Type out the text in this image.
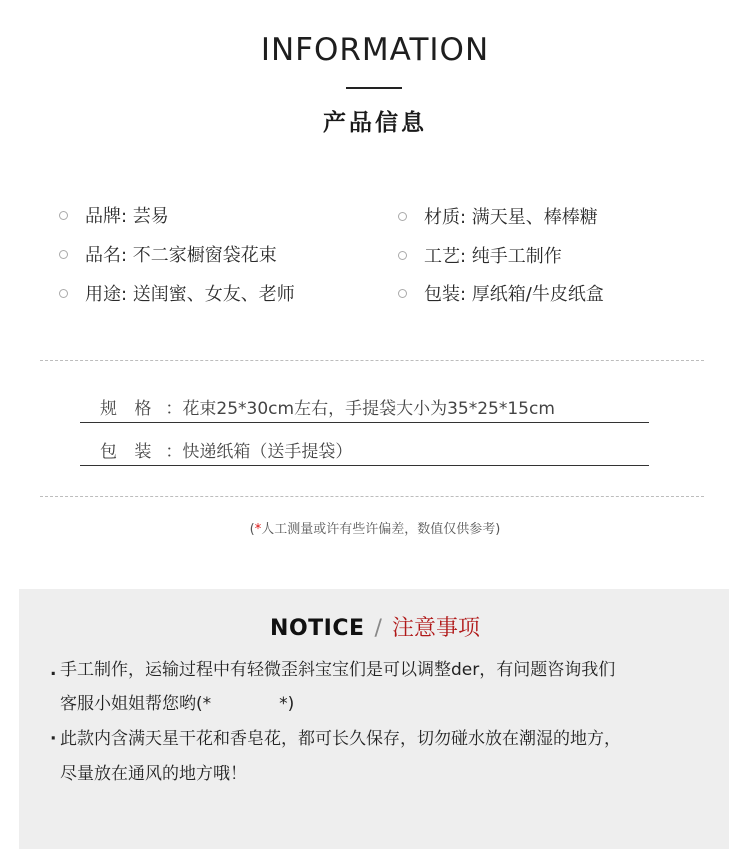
INFORMATION
产品信息
品牌: 芸易
品名: 不二家橱窗袋花束
用途: 送闺蜜、女友、老师
材质: 满天星、棒棒糖
工艺: 纯手工制作
包装: 厚纸箱/牛皮纸盒
规 格 ：花束25*30cm左右，手提袋大小为35*25*15cm
包 装 ：快递纸箱（送手提袋）
(*人工测量或许有些许偏差，数值仅供参考)
NOTICE / 注意事项
. 手工制作，运输过程中有轻微歪斜宝宝们是可以调整der，有问题咨询我们
客服小姐姐帮您哟(*　　　　*)
· 此款内含满天星干花和香皂花，都可长久保存，切勿碰水放在潮湿的地方，
尽量放在通风的地方哦！
